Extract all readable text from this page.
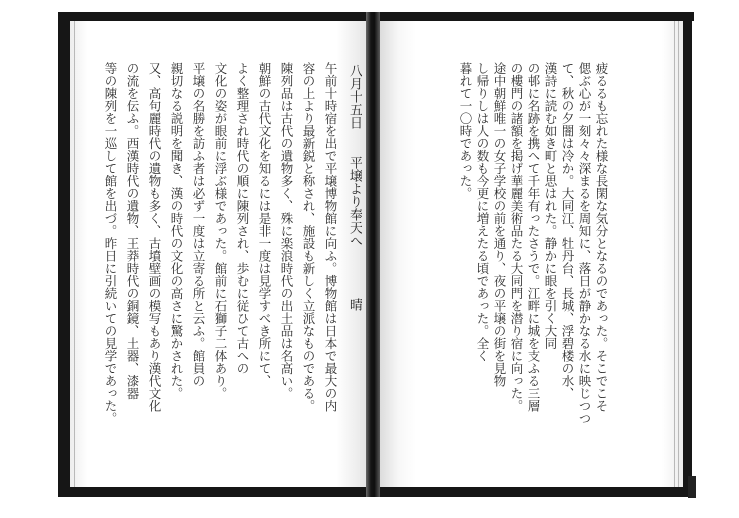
八月十五日
平壌より奉天へ
晴
午前十時宿を出で平壌博物館に向ふ。博物館は日本で最大の内
容の上より最新鋭と称され、施設も新しく立派なものである。
陳列品は古代の遺物多く、殊に楽浪時代の出土品は名高い。
朝鮮の古代文化を知るには是非一度は見学すべき所にて、
よく整理され時代の順に陳列され、歩むに従ひて古への
文化の姿が眼前に浮ぶ様であった。館前に石獅子二体あり。
平壌の名勝を訪ふ者は必ず一度は立寄る所と云ふ。館員の
親切なる説明を聞き、漢の時代の文化の高さに驚かされた。
又、高句麗時代の遺物も多く、古墳壁画の模写もあり漢代文化
の流を伝ふ。西漢時代の遺物、王莽時代の銅鏡、土器、漆器
等の陳列を一巡して館を出づ。昨日に引続いての見学であった。	疲るるも忘れた様な長閑な気分となるのであった。そこでこそ
偲ぶ心が一刻々々深まるを周知に、落日が静かなる水に映じつつ
て、秋の夕闇は冷か。大同江、牡丹台、長城、浮碧楼の水、
漢詩に読む如き町と思はれた。静かに眼を引く大同
の邨に名跡を携へて千年有ったさうで。江畔に城を支ふる三層
の樓門の諸額を掲げ華麗美術品たる大同門を潜り宿に向った。
途中朝鮮唯一の女子学校の前を通り、夜の平壌の街を見物
し帰りしは人の数も今更に増えたる頃であった。全く
暮れて一〇時であった。
